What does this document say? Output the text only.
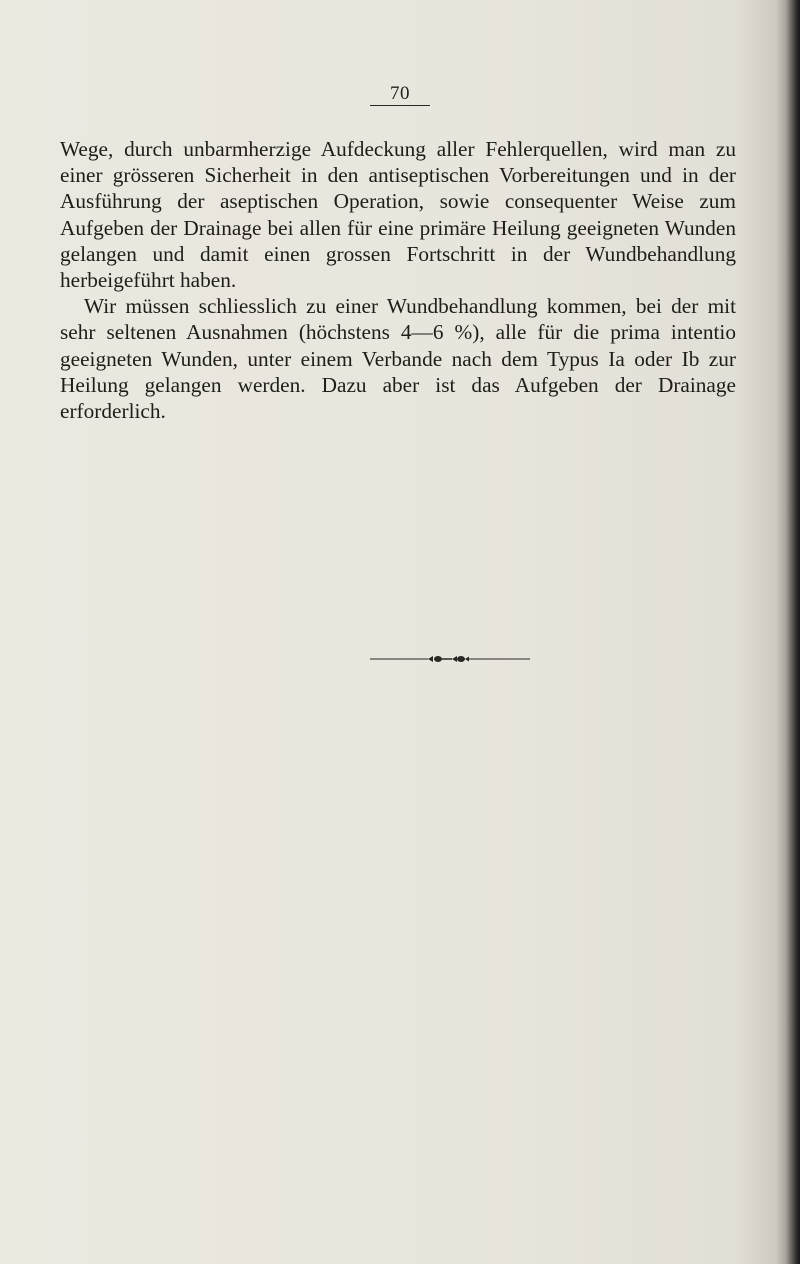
70

Wege, durch unbarmherzige Aufdeckung aller Fehlerquellen, wird man zu einer grösseren Sicherheit in den antiseptischen Vorbereitungen und in der Ausführung der aseptischen Operation, sowie consequenter Weise zum Aufgeben der Drainage bei allen für eine primäre Heilung geeigneten Wunden gelangen und damit einen grossen Fortschritt in der Wundbehandlung herbeigeführt haben.

Wir müssen schliesslich zu einer Wundbehandlung kommen, bei der mit sehr seltenen Ausnahmen (höchstens 4—6 %), alle für die prima intentio geeigneten Wunden, unter einem Verbande nach dem Typus Ia oder Ib zur Heilung gelangen werden. Dazu aber ist das Aufgeben der Drainage erforderlich.
